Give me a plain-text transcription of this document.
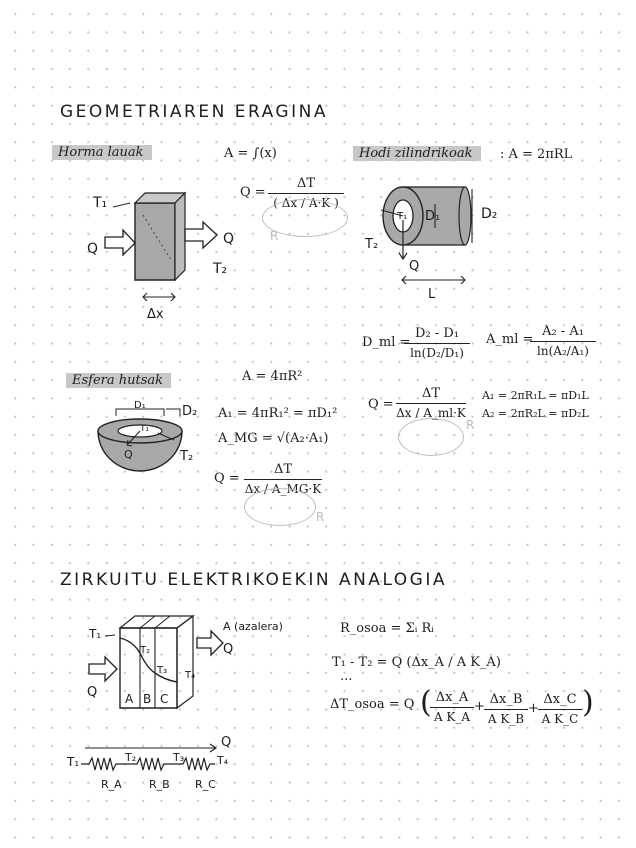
GEOMETRIAREN ERAGINA
Horma lauak	A = ∫(x)
T₁
Q
Q
T₂
Δx
$Q = \frac{\Delta T}{( \Delta x / A\cdot K )}$
R
Hodi zilindrikoak	: A = 2πRL
T₁ D₁	D₂
T₂
Q
L
D_ml =
$\frac{\text{D₂ - D₁}}{\text{ln(D₂/D₁)}}$ A_ml =
$\frac{\text{A₂ - A₁}}{\text{ln(A₂/A₁)}}$
$Q = \frac{\Delta T}{\Delta x / A\_ml\cdot K}$
R
A₁ = 2πR₁L = πD₁L
A₂ = 2πR₂L = πD₂L
Esfera hutsak	A = 4πR²
D₁	D₂
T₁
T₂
Q
A₁ = 4πR₁² = πD₁²
A_MG = √(A₂·A₁)
$Q = \frac{\Delta T}{\Delta x / A\_MG\cdot K}$
R
ZIRKUITU ELEKTRIKOEKIN ANALOGIA
T₁
T₂
T₃ T₄
A B C
Q
Q
A (azalera)	R_osoa = Σᵢ Rᵢ
T₁ - T₂ = Q (Δx_A / A K_A)
...
ΔT_osoa = Q (
$\frac{\Delta x\_A}{\text{A K\_A}} + \frac{\Delta x\_B}{\text{A K\_B}} + \frac{\Delta x\_C}{\text{A K\_C}}$ )
T₁	T₂	T₃	T₄
Q
R_A R_B R_C
